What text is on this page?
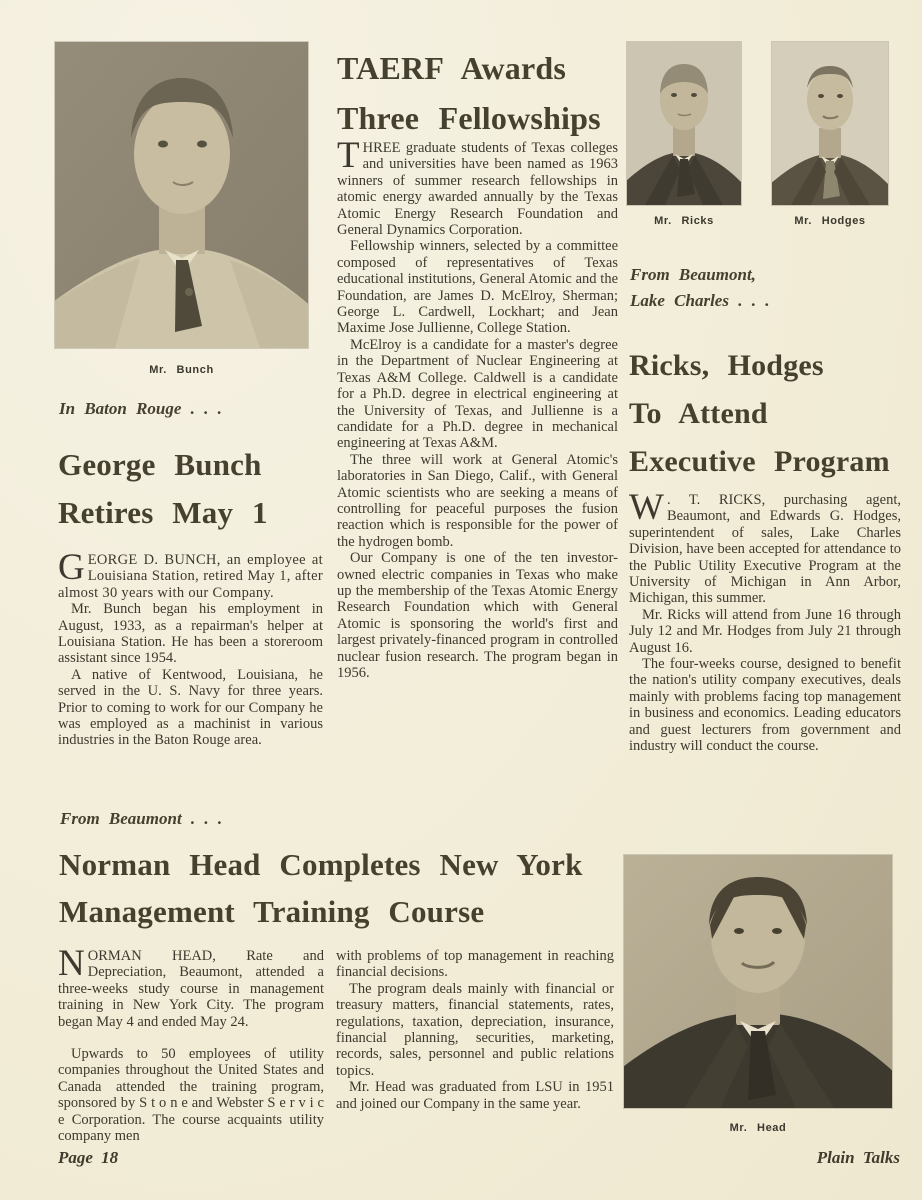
Mr. Bunch
In Baton Rouge . . .
George Bunch
Retires May 1

GEORGE D. BUNCH, an employee at Louisiana Station, retired May 1, after almost 30 years with our Company.

Mr. Bunch began his employment in August, 1933, as a repairman's helper at Louisiana Station. He has been a storeroom assistant since 1954.

A native of Kentwood, Louisiana, he served in the U. S. Navy for three years. Prior to coming to work for our Company he was employed as a machinist in various industries in the Baton Rouge area.

TAERF Awards
Three Fellowships

THREE graduate students of Texas colleges and universities have been named as 1963 winners of summer research fellowships in atomic energy awarded annually by the Texas Atomic Energy Research Foundation and General Dynamics Corporation.

Fellowship winners, selected by a committee composed of representatives of Texas educational institutions, General Atomic and the Foundation, are James D. McElroy, Sherman; George L. Cardwell, Lockhart; and Jean Maxime Jose Jullienne, College Station.

McElroy is a candidate for a master's degree in the Department of Nuclear Engineering at Texas A&M College. Caldwell is a candidate for a Ph.D. degree in electrical engineering at the University of Texas, and Jullienne is a candidate for a Ph.D. degree in mechanical engineering at Texas A&M.

The three will work at General Atomic's laboratories in San Diego, Calif., with General Atomic scientists who are seeking a means of controlling for peaceful purposes the fusion reaction which is responsible for the power of the hydrogen bomb.

Our Company is one of the ten investor-owned electric companies in Texas who make up the membership of the Texas Atomic Energy Research Foundation which with General Atomic is sponsoring the world's first and largest privately-financed program in controlled nuclear fusion research. The program began in 1956.

Mr. Ricks	Mr. Hodges
From Beaumont,
Lake Charles . . .
Ricks, Hodges
To Attend
Executive Program

W . T. RICKS, purchasing agent, Beaumont, and Edwards G. Hodges, superintendent of sales, Lake Charles Division, have been accepted for attendance to the Public Utility Executive Program at the University of Michigan in Ann Arbor, Michigan, this summer.

Mr. Ricks will attend from June 16 through July 12 and Mr. Hodges from July 21 through August 16.

The four-weeks course, designed to benefit the nation's utility company executives, deals mainly with problems facing top management in business and economics. Leading educators and guest lecturers from government and industry will conduct the course.

From Beaumont . . .
Norman Head Completes New York
Management Training Course

NORMAN HEAD, Rate and Depreciation, Beaumont, attended a three-weeks study course in management training in New York City. The program began May 4 and ended May 24.

Upwards to 50 employees of utility companies throughout the United States and Canada attended the training program, sponsored by S t o n e and Webster S e r v i c e Corporation. The course acquaints utility company men

with problems of top management in reaching financial decisions.

The program deals mainly with financial or treasury matters, financial statements, rates, regulations, taxation, depreciation, insurance, financial planning, securities, marketing, records, sales, personnel and public relations topics.

Mr. Head was graduated from LSU in 1951 and joined our Company in the same year.

Mr. Head
Page 18	Plain Talks
